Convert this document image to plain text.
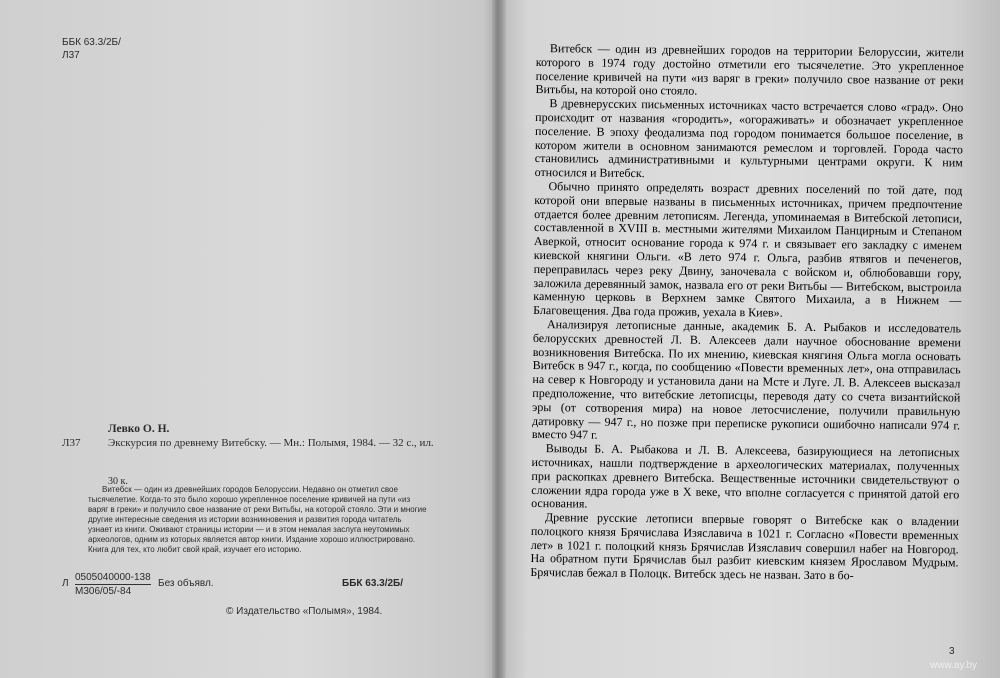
ББК 63.3/2Б/
Л37
Л37
Левко О. Н.
Экскурсия по древнему Витебску. — Мн.: Полымя, 1984. — 32 с., ил.
30 к.
Витебск — один из древнейших городов Белоруссии. Недавно он отметил свое тысячелетие. Когда-то это было хорошо укрепленное поселение кривичей на пути «из варяг в греки» и получило свое название от реки Витьбы, на которой стояло. Эти и многие другие интересные сведения из истории возникновения и развития города читатель узнает из книги. Оживают страницы истории — и в этом немалая заслуга неутомимых археологов, одним из которых является автор книги. Издание хорошо иллюстрировано. Книга для тех, кто любит свой край, изучает его историю.
Л
0505040000-138
М306/05/-84
Без объявл.	ББК 63.3/2Б/
© Издательство «Полымя», 1984.
3

Витебск — один из древнейших городов на территории Белоруссии, жители которого в 1974 году достойно отметили его тысячелетие. Это укрепленное поселение кривичей на пути «из варяг в греки» получило свое название от реки Витьбы, на которой оно стояло.

В древнерусских письменных источниках часто встречается слово «град». Оно происходит от названия «городить», «огораживать» и обозначает укрепленное поселение. В эпоху феодализма под городом понимается большое поселение, в котором жители в основном занимаются ремеслом и торговлей. Города часто становились административными и культурными центрами округи. К ним относился и Витебск.

Обычно принято определять возраст древних поселений по той дате, под которой они впервые названы в письменных источниках, причем предпочтение отдается более древним летописям. Легенда, упоминаемая в Витебской летописи, составленной в XVIII в. местными жителями Михаилом Панцирным и Степаном Аверкой, относит основание города к 974 г. и связывает его закладку с именем киевской княгини Ольги. «В лето 974 г. Ольга, разбив ятвягов и печенегов, переправилась через реку Двину, заночевала с войском и, облюбовавши гору, заложила деревянный замок, назвала его от реки Витьбы — Витебском, выстроила каменную церковь в Верхнем замке Святого Михаила, а в Нижнем — Благовещения. Два года прожив, уехала в Киев».

Анализируя летописные данные, академик Б. А. Рыбаков и исследователь белорусских древностей Л. В. Алексеев дали научное обоснование времени возникновения Витебска. По их мнению, киевская княгиня Ольга могла основать Витебск в 947 г., когда, по сообщению «Повести временных лет», она отправилась на север к Новгороду и установила дани на Мсте и Луге. Л. В. Алексеев высказал предположение, что витебские летописцы, переводя дату со счета византийской эры (от сотворения мира) на новое летосчисление, получили правильную датировку — 947 г., но позже при переписке рукописи ошибочно написали 974 г. вместо 947 г.

Выводы Б. А. Рыбакова и Л. В. Алексеева, базирующиеся на летописных источниках, нашли подтверждение в археологических материалах, полученных при раскопках древнего Витебска. Вещественные источники свидетельствуют о сложении ядра города уже в X веке, что вполне согласуется с принятой датой его основания.

Древние русские летописи впервые говорят о Витебске как о владении полоцкого князя Брячислава Изяславича в 1021 г. Согласно «Повести временных лет» в 1021 г. полоцкий князь Брячислав Изяславич совершил набег на Новгород. На обратном пути Брячислав был разбит киевским князем Ярославом Мудрым. Брячислав бежал в Полоцк. Витебск здесь не назван. Зато в бо-

www.ay.by
